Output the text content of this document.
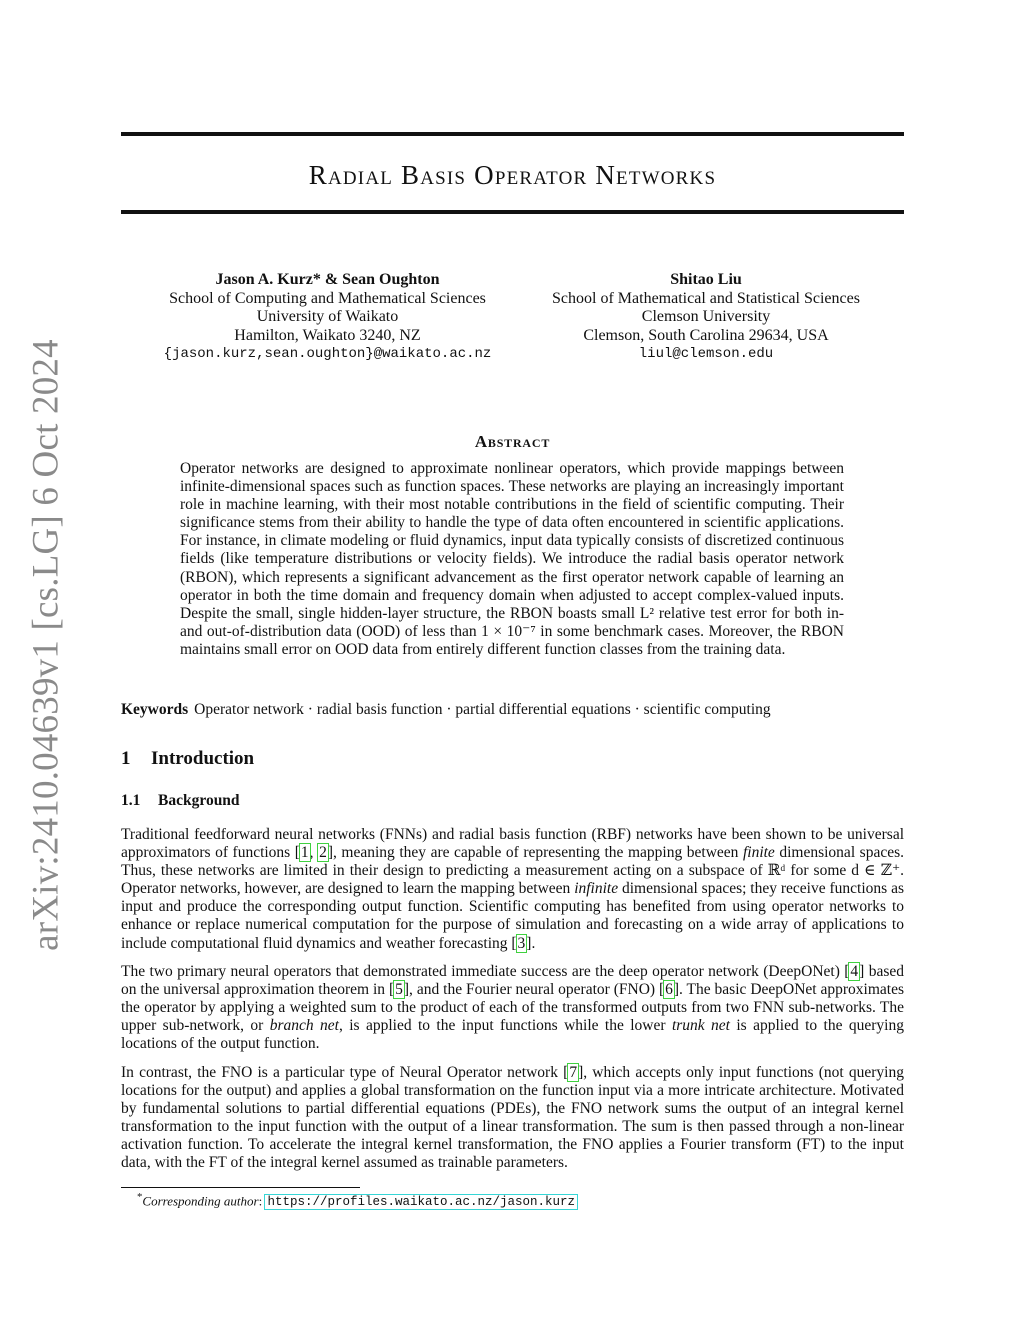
arXiv:2410.04639v1 [cs.LG] 6 Oct 2024
Radial Basis Operator Networks
Jason A. Kurz* & Sean Oughton
School of Computing and Mathematical Sciences
University of Waikato
Hamilton, Waikato 3240, NZ
{jason.kurz,sean.oughton}@waikato.ac.nz
Shitao Liu
School of Mathematical and Statistical Sciences
Clemson University
Clemson, South Carolina 29634, USA
liul@clemson.edu
Abstract
Operator networks are designed to approximate nonlinear operators, which provide mappings between infinite-dimensional spaces such as function spaces. These networks are playing an increasingly important role in machine learning, with their most notable contributions in the field of scientific computing. Their significance stems from their ability to handle the type of data often encountered in scientific applications. For instance, in climate modeling or fluid dynamics, input data typically consists of discretized continuous fields (like temperature distributions or velocity fields). We introduce the radial basis operator network (RBON), which represents a significant advancement as the first operator network capable of learning an operator in both the time domain and frequency domain when adjusted to accept complex-valued inputs. Despite the small, single hidden-layer structure, the RBON boasts small L² relative test error for both in- and out-of-distribution data (OOD) of less than 1 × 10⁻⁷ in some benchmark cases. Moreover, the RBON maintains small error on OOD data from entirely different function classes from the training data.
Keywords Operator network · radial basis function · partial differential equations · scientific computing
1 Introduction
1.1 Background
Traditional feedforward neural networks (FNNs) and radial basis function (RBF) networks have been shown to be universal approximators of functions [1, 2], meaning they are capable of representing the mapping between finite dimensional spaces. Thus, these networks are limited in their design to predicting a measurement acting on a subspace of ℝᵈ for some d ∈ ℤ⁺. Operator networks, however, are designed to learn the mapping between infinite dimensional spaces; they receive functions as input and produce the corresponding output function. Scientific computing has benefited from using operator networks to enhance or replace numerical computation for the purpose of simulation and forecasting on a wide array of applications to include computational fluid dynamics and weather forecasting [3].
The two primary neural operators that demonstrated immediate success are the deep operator network (DeepONet) [4] based on the universal approximation theorem in [5], and the Fourier neural operator (FNO) [6]. The basic DeepONet approximates the operator by applying a weighted sum to the product of each of the transformed outputs from two FNN sub-networks. The upper sub-network, or branch net, is applied to the input functions while the lower trunk net is applied to the querying locations of the output function.
In contrast, the FNO is a particular type of Neural Operator network [7], which accepts only input functions (not querying locations for the output) and applies a global transformation on the function input via a more intricate architecture. Motivated by fundamental solutions to partial differential equations (PDEs), the FNO network sums the output of an integral kernel transformation to the input function with the output of a linear transformation. The sum is then passed through a non-linear activation function. To accelerate the integral kernel transformation, the FNO applies a Fourier transform (FT) to the input data, with the FT of the integral kernel assumed as trainable parameters.
*Corresponding author: https://profiles.waikato.ac.nz/jason.kurz
